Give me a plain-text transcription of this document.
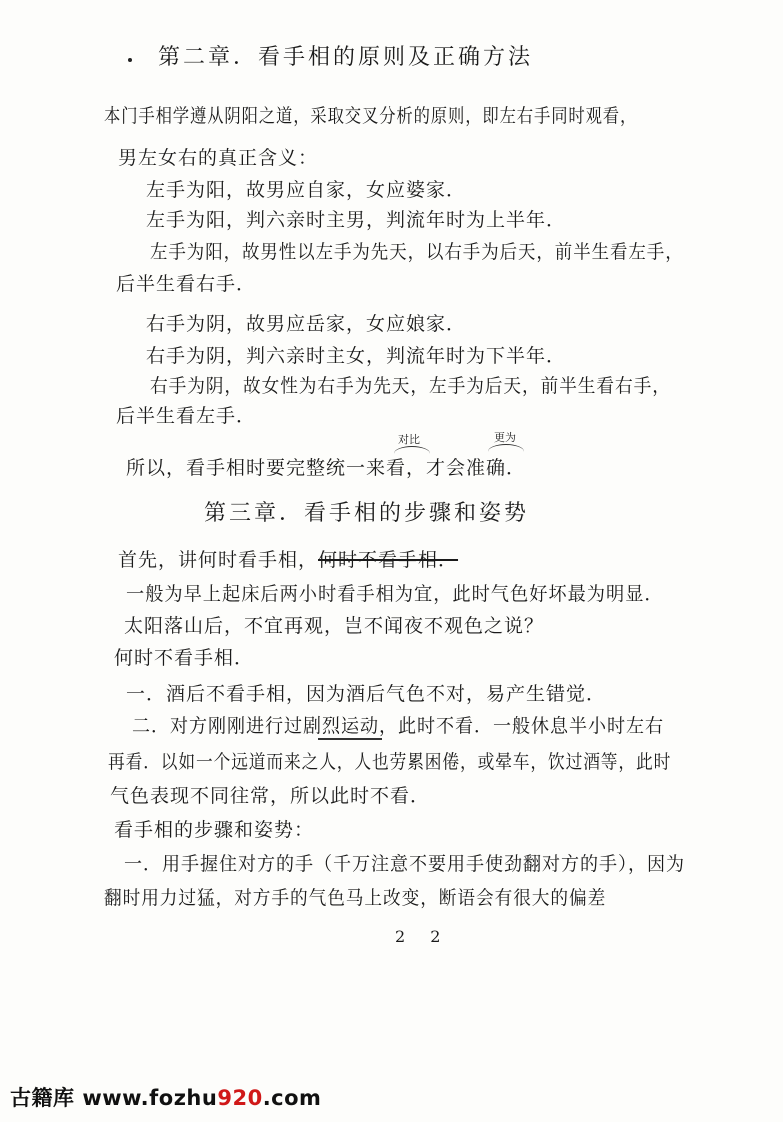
第二章．看手相的原则及正确方法
本门手相学遵从阴阳之道，采取交叉分析的原则，即左右手同时观看，
男左女右的真正含义：
左手为阳，故男应自家，女应婆家．
左手为阳，判六亲时主男，判流年时为上半年．
左手为阳，故男性以左手为先天，以右手为后天，前半生看左手，
后半生看右手．
右手为阴，故男应岳家，女应娘家．
右手为阴，判六亲时主女，判流年时为下半年．
右手为阴，故女性为右手为先天，左手为后天，前半生看右手，
后半生看左手．
对比	更为
所以，看手相时要完整统一来看，才会准确．
第三章．看手相的步骤和姿势
首先，讲何时看手相，何时不看手相．
一般为早上起床后两小时看手相为宜，此时气色好坏最为明显．
太阳落山后，不宜再观，岂不闻夜不观色之说？
何时不看手相．
一．酒后不看手相，因为酒后气色不对，易产生错觉．
二．对方刚刚进行过剧烈运动，此时不看．一般休息半小时左右
再看．以如一个远道而来之人，人也劳累困倦，或晕车，饮过酒等，此时
气色表现不同往常，所以此时不看．
看手相的步骤和姿势：
一．用手握住对方的手（千万注意不要用手使劲翻对方的手），因为
翻时用力过猛，对方手的气色马上改变，断语会有很大的偏差
2 2
古籍库 www.fozhu920.com
